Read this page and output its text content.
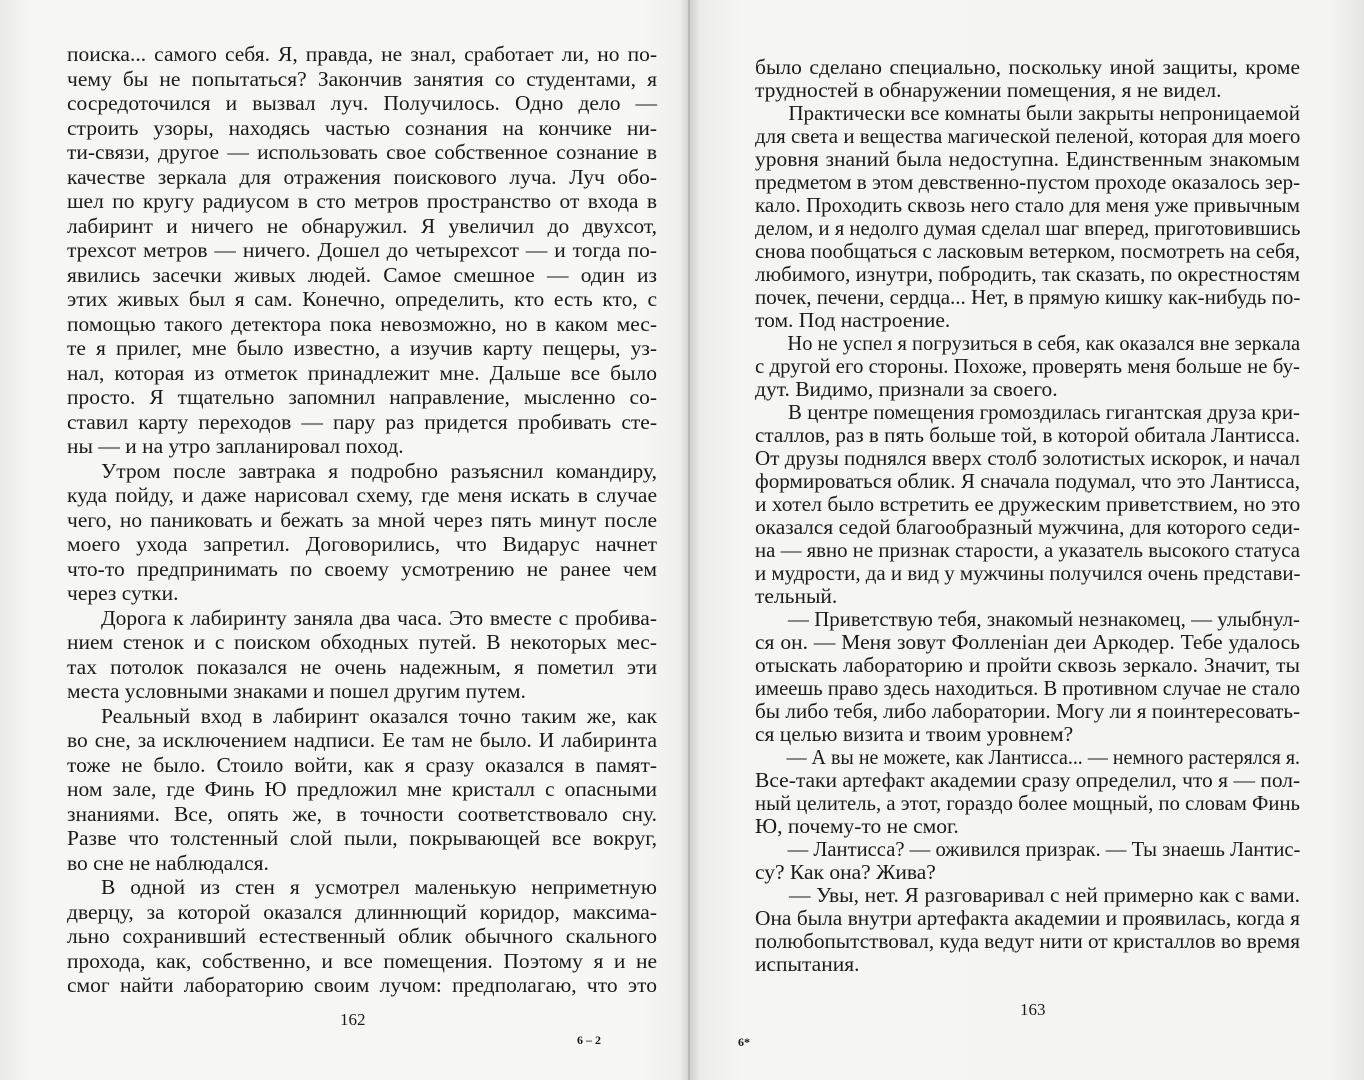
поиска... самого себя. Я, правда, не знал, сработает ли, но по-
чему бы не попытаться? Закончив занятия со студентами, я
сосредоточился и вызвал луч. Получилось. Одно дело —
строить узоры, находясь частью сознания на кончике ни-
ти-связи, другое — использовать свое собственное сознание в
качестве зеркала для отражения поискового луча. Луч обо-
шел по кругу радиусом в сто метров пространство от входа в
лабиринт и ничего не обнаружил. Я увеличил до двухсот,
трехсот метров — ничего. Дошел до четырехсот — и тогда по-
явились засечки живых людей. Самое смешное — один из
этих живых был я сам. Конечно, определить, кто есть кто, с
помощью такого детектора пока невозможно, но в каком мес-
те я прилег, мне было известно, а изучив карту пещеры, уз-
нал, которая из отметок принадлежит мне. Дальше все было
просто. Я тщательно запомнил направление, мысленно со-
ставил карту переходов — пару раз придется пробивать сте-
ны — и на утро запланировал поход.
Утром после завтрака я подробно разъяснил командиру,
куда пойду, и даже нарисовал схему, где меня искать в случае
чего, но паниковать и бежать за мной через пять минут после
моего ухода запретил. Договорились, что Видарус начнет
что-то предпринимать по своему усмотрению не ранее чем
через сутки.
Дорога к лабиринту заняла два часа. Это вместе с пробива-
нием стенок и с поиском обходных путей. В некоторых мес-
тах потолок показался не очень надежным, я пометил эти
места условными знаками и пошел другим путем.
Реальный вход в лабиринт оказался точно таким же, как
во сне, за исключением надписи. Ее там не было. И лабиринта
тоже не было. Стоило войти, как я сразу оказался в памят-
ном зале, где Финь Ю предложил мне кристалл с опасными
знаниями. Все, опять же, в точности соответствовало сну.
Разве что толстенный слой пыли, покрывающей все вокруг,
во сне не наблюдался.
В одной из стен я усмотрел маленькую неприметную
дверцу, за которой оказался длиннющий коридор, максима-
льно сохранивший естественный облик обычного скального
прохода, как, собственно, и все помещения. Поэтому я и не
смог найти лабораторию своим лучом: предполагаю, что это
162
6 – 2
было сделано специально, поскольку иной защиты, кроме
трудностей в обнаружении помещения, я не видел.
Практически все комнаты были закрыты непроницаемой
для света и вещества магической пеленой, которая для моего
уровня знаний была недоступна. Единственным знакомым
предметом в этом девственно-пустом проходе оказалось зер-
кало. Проходить сквозь него стало для меня уже привычным
делом, и я недолго думая сделал шаг вперед, приготовившись
снова пообщаться с ласковым ветерком, посмотреть на себя,
любимого, изнутри, побродить, так сказать, по окрестностям
почек, печени, сердца... Нет, в прямую кишку как-нибудь по-
том. Под настроение.
Но не успел я погрузиться в себя, как оказался вне зеркала
с другой его стороны. Похоже, проверять меня больше не бу-
дут. Видимо, признали за своего.
В центре помещения громоздилась гигантская друза кри-
сталлов, раз в пять больше той, в которой обитала Лантисса.
От друзы поднялся вверх столб золотистых искорок, и начал
формироваться облик. Я сначала подумал, что это Лантисса,
и хотел было встретить ее дружеским приветствием, но это
оказался седой благообразный мужчина, для которого седи-
на — явно не признак старости, а указатель высокого статуса
и мудрости, да и вид у мужчины получился очень представи-
тельный.
— Приветствую тебя, знакомый незнакомец, — улыбнул-
ся он. — Меня зовут Фолленіан деи Аркодер. Тебе удалось
отыскать лабораторию и пройти сквозь зеркало. Значит, ты
имеешь право здесь находиться. В противном случае не стало
бы либо тебя, либо лаборатории. Могу ли я поинтересовать-
ся целью визита и твоим уровнем?
— А вы не можете, как Лантисса... — немного растерялся я.
Все-таки артефакт академии сразу определил, что я — пол-
ный целитель, а этот, гораздо более мощный, по словам Финь
Ю, почему-то не смог.
— Лантисса? — оживился призрак. — Ты знаешь Лантис-
су? Как она? Жива?
— Увы, нет. Я разговаривал с ней примерно как с вами.
Она была внутри артефакта академии и проявилась, когда я
полюбопытствовал, куда ведут нити от кристаллов во время
испытания.
163
6*
